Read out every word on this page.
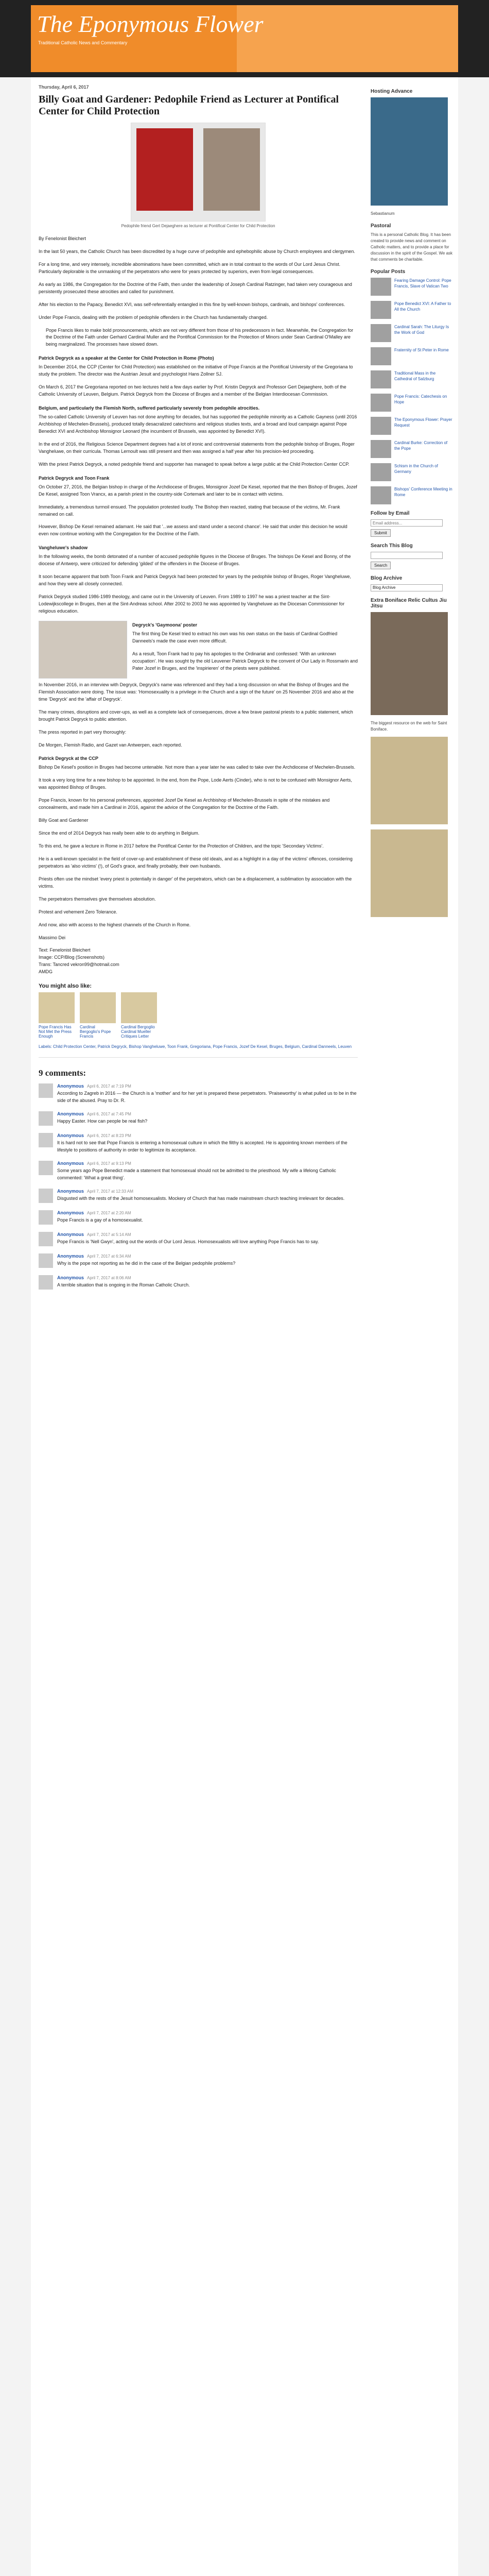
The Eponymous Flower
Traditional Catholic News and Commentary
Thursday, April 6, 2017
Billy Goat and Gardener: Pedophile Friend as Lecturer at Pontifical Center for Child Protection
Pedophile friend Gert Dejaeghere as lecturer at Pontifical Center for Child Protection

By Fenelonist Bleichert

In the last 50 years, the Catholic Church has been discredited by a huge curve of pedophile and ephebophilic abuse by Church employees and clergymen.

For a long time, and very intensely, incredible abominations have been committed, which are in total contrast to the words of Our Lord Jesus Christ. Particularly deplorable is the unmasking of the perpetrators who were for years protected by superiors, even from legal consequences.

As early as 1986, the Congregation for the Doctrine of the Faith, then under the leadership of Joseph Cardinal Ratzinger, had taken very courageous and persistently prosecuted these atrocities and called for punishment.

After his election to the Papacy, Benedict XVI, was self-referentially entangled in this fine by well-known bishops, cardinals, and bishops' conferences.

Under Pope Francis, dealing with the problem of pedophile offenders in the Church has fundamentally changed.

Pope Francis likes to make bold pronouncements, which are not very different from those of his predecessors in fact. Meanwhile, the Congregation for the Doctrine of the Faith under Gerhard Cardinal Muller and the Pontifical Commission for the Protection of Minors under Sean Cardinal O'Malley are being marginalized. The processes have slowed down.

Patrick Degryck as a speaker at the Center for Child Protection in Rome (Photo)

In December 2014, the CCP (Center for Child Protection) was established on the initiative of Pope Francis at the Pontifical University of the Gregoriana to study the problem. The director was the Austrian Jesuit and psychologist Hans Zollner SJ.

On March 6, 2017 the Gregoriana reported on two lectures held a few days earlier by Prof. Kristin Degryck and Professor Gert Dejaeghere, both of the Catholic University of Leuven, Belgium. Patrick Degryck from the Diocese of Bruges and a member of the Belgian Interdiocesan Commission.

Belgium, and particularly the Flemish North, suffered particularly severely from pedophile atrocities.

The so-called Catholic University of Leuven has not done anything for decades, but has supported the pedophile minority as a Catholic Gayness (until 2016 Archbishop of Mechelen-Brussels), produced totally desacralized catechisms and religious studies texts, and a broad and loud campaign against Pope Benedict XVI and Archbishop Monsignor Leonard (the incumbent of Brussels, was appointed by Benedict XVI).

In the end of 2016, the Religious Science Department degrees had a lot of ironic and controversial statements from the pedophile bishop of Bruges, Roger Vangheluwe, on their curricula. Thomas Lernoult was still present and then was assigned a half year after his precision-led proceeding.

With the priest Patrick Degryck, a noted pedophile friend and supporter has managed to speak before a large public at the Child Protection Center CCP.

Patrick Degryck and Toon Frank

On October 27, 2016, the Belgian bishop in charge of the Archdiocese of Bruges, Monsignor Jozef De Kesel, reported that the then Bishop of Bruges, Jozef De Kesel, assigned Toon Vrancx, as a parish priest in the country-side Cortemark and later to be in contact with victims.

Immediately, a tremendous turmoil ensued. The population protested loudly. The Bishop then reacted, stating that because of the victims, Mr. Frank remained on call.

However, Bishop De Kesel remained adamant. He said that '...we assess and stand under a second chance'. He said that under this decision he would even now continue working with the Congregation for the Doctrine of the Faith.

Vangheluwe's shadow

In the following weeks, the bomb detonated of a number of accused pedophile figures in the Diocese of Bruges. The bishops De Kesel and Bonny, of the diocese of Antwerp, were criticized for defending 'gilded' of the offenders in the Diocese of Bruges.

It soon became apparent that both Toon Frank and Patrick Degryck had been protected for years by the pedophile bishop of Bruges, Roger Vangheluwe, and how they were all closely connected.

Patrick Degryck studied 1986-1989 theology, and came out in the University of Leuven. From 1989 to 1997 he was a priest teacher at the Sint-Lodewijkscollege in Bruges, then at the Sint-Andreas school. After 2002 to 2003 he was appointed by Vangheluwe as the Diocesan Commissioner for religious education.

Degryck's 'Gaymoona' poster

The first thing De Kesel tried to extract his own was his own status on the basis of Cardinal Godfried Danneels's made the case even more difficult.

As a result, Toon Frank had to pay his apologies to the Ordinariat and confessed: 'With an unknown occupation'. He was sought by the old Leuvener Patrick Degryck to the convent of Our Lady in Rossmarin and Pater Jozef in Bruges, and the 'inspirieren' of the priests were published.

In November 2016, in an interview with Degryck, Degryck's name was referenced and they had a long discussion on what the Bishop of Bruges and the Flemish Association were doing. The issue was: 'Homosexuality is a privilege in the Church and a sign of the future' on 25 November 2016 and also at the time 'Degryck' and the 'affair of Degryck'.

The many crimes, disruptions and cover-ups, as well as a complete lack of consequences, drove a few brave pastoral priests to a public statement, which brought Patrick Degryck to public attention.

The press reported in part very thoroughly:

De Morgen, Flemish Radio, and Gazet van Antwerpen, each reported.

Patrick Degryck at the CCP

Bishop De Kesel's position in Bruges had become untenable. Not more than a year later he was called to take over the Archdiocese of Mechelen-Brussels.

It took a very long time for a new bishop to be appointed. In the end, from the Pope, Lode Aerts (Cinder), who is not to be confused with Monsignor Aerts, was appointed Bishop of Bruges.

Pope Francis, known for his personal preferences, appointed Jozef De Kesel as Archbishop of Mechelen-Brussels in spite of the mistakes and concealments, and made him a Cardinal in 2016, against the advice of the Congregation for the Doctrine of the Faith.

Billy Goat and Gardener

Since the end of 2014 Degryck has really been able to do anything in Belgium.

To this end, he gave a lecture in Rome in 2017 before the Pontifical Center for the Protection of Children, and the topic 'Secondary Victims'.

He is a well-known specialist in the field of cover-up and establishment of these old ideals, and as a highlight in a day of the victims' offences, considering perpetrators as 'also victims' (!), of God's grace, and finally probably, their own husbands.

Priests often use the mindset 'every priest is potentially in danger' of the perpetrators, which can be a displacement, a sublimation by association with the victims.

The perpetrators themselves give themselves absolution.

Protest and vehement Zero Tolerance.

And now, also with access to the highest channels of the Church in Rome.

Massimo Dei

Text: Fenelonist Bleichert
Image: CCP/Blog (Screenshots)
Trans: Tancred vekron99@hotmail.com
AMDG

You might also like:
Pope Francis Has Not Met the Press Enough
Cardinal Bergoglio's Pope Francis
Cardinal Bergoglio Cardinal Mueller Critiques Letter
Labels: Child Protection Center, Patrick Degryck, Bishop Vangheluwe, Toon Frank, Gregoriana, Pope Francis, Jozef De Kesel, Bruges, Belgium, Cardinal Danneels, Leuven
9 comments:
Anonymous April 6, 2017 at 7:19 PM
According to Zagreb in 2016 — the Church is a 'mother' and for her yet is prepared these perpetrators. 'Praiseworthy' is what pulled us to be in the side of the abused. Pray to Dr. R.
Anonymous April 6, 2017 at 7:45 PM
Happy Easter. How can people be real fish?
Anonymous April 6, 2017 at 8:23 PM
It is hard not to see that Pope Francis is entering a homosexual culture in which the filthy is accepted. He is appointing known members of the lifestyle to positions of authority in order to legitimize its acceptance.
Anonymous April 6, 2017 at 9:13 PM
Some years ago Pope Benedict made a statement that homosexual should not be admitted to the priesthood. My wife a lifelong Catholic commented: 'What a great thing'.
Anonymous April 7, 2017 at 12:33 AM
Disgusted with the rests of the Jesuit homosexualists. Mockery of Church that has made mainstream church teaching irrelevant for decades.
Anonymous April 7, 2017 at 2:20 AM
Pope Francis is a gay of a homosexualist.
Anonymous April 7, 2017 at 5:14 AM
Pope Francis is 'Nell Gwyn', acting out the words of Our Lord Jesus. Homosexualists will love anything Pope Francis has to say.
Anonymous April 7, 2017 at 6:34 AM
Why is the pope not reporting as he did in the case of the Belgian pedophile problems?
Anonymous April 7, 2017 at 8:06 AM
A terrible situation that is ongoing in the Roman Catholic Church.
Hosting Advance
Sebastianum
Pastoral
This is a personal Catholic Blog. It has been created to provide news and comment on Catholic matters, and to provide a place for discussion in the spirit of the Gospel. We ask that comments be charitable.
Popular Posts
Fearing Damage Control: Pope Francis, Slave of Vatican Two
Pope Benedict XVI: A Father to All the Church
Cardinal Sarah: The Liturgy Is the Work of God
Fraternity of St Peter in Rome
Traditional Mass in the Cathedral of Salzburg
Pope Francis: Catechesis on Hope
The Eponymous Flower: Prayer Request
Cardinal Burke: Correction of the Pope
Schism in the Church of Germany
Bishops' Conference Meeting in Rome
Follow by Email
Email address... Submit
Search This Blog
Search
Blog Archive
Blog Archive
Extra Boniface Relic Cultus Jiu Jitsu
The biggest resource on the web for Saint Boniface.
